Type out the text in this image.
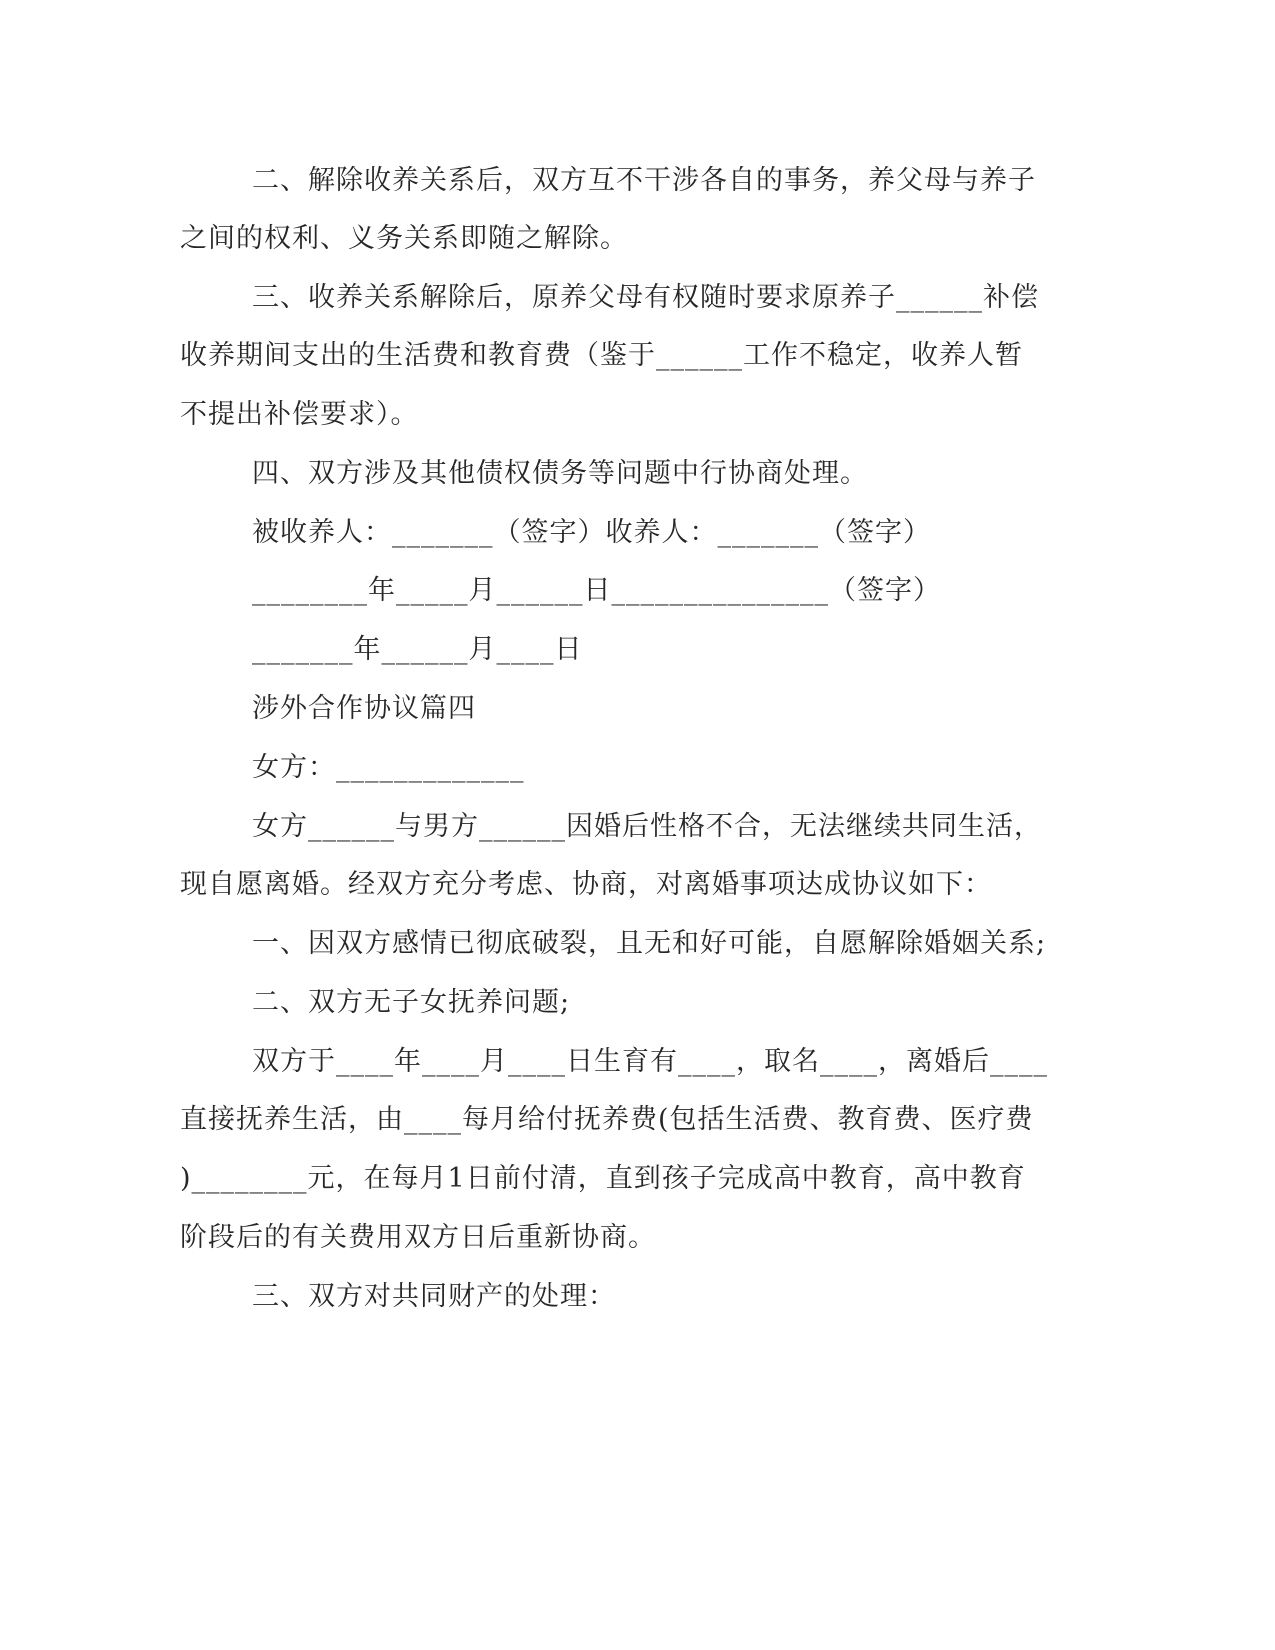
二、解除收养关系后，双方互不干涉各自的事务，养父母与养子
之间的权利、义务关系即随之解除。
三、收养关系解除后，原养父母有权随时要求原养子______补偿
收养期间支出的生活费和教育费（鉴于______工作不稳定，收养人暂
不提出补偿要求）。
四、双方涉及其他债权债务等问题中行协商处理。
被收养人：_______（签字）收养人：_______（签字）
________年_____月______日_______________（签字）
_______年______月____日
涉外合作协议篇四
女方：_____________
女方______与男方______因婚后性格不合，无法继续共同生活，
现自愿离婚。经双方充分考虑、协商，对离婚事项达成协议如下：
一、因双方感情已彻底破裂，且无和好可能，自愿解除婚姻关系;
二、双方无子女抚养问题;
双方于____年____月____日生育有____，取名____，离婚后____
直接抚养生活，由____每月给付抚养费(包括生活费、教育费、医疗费
)________元，在每月1日前付清，直到孩子完成高中教育，高中教育
阶段后的有关费用双方日后重新协商。
三、双方对共同财产的处理：
